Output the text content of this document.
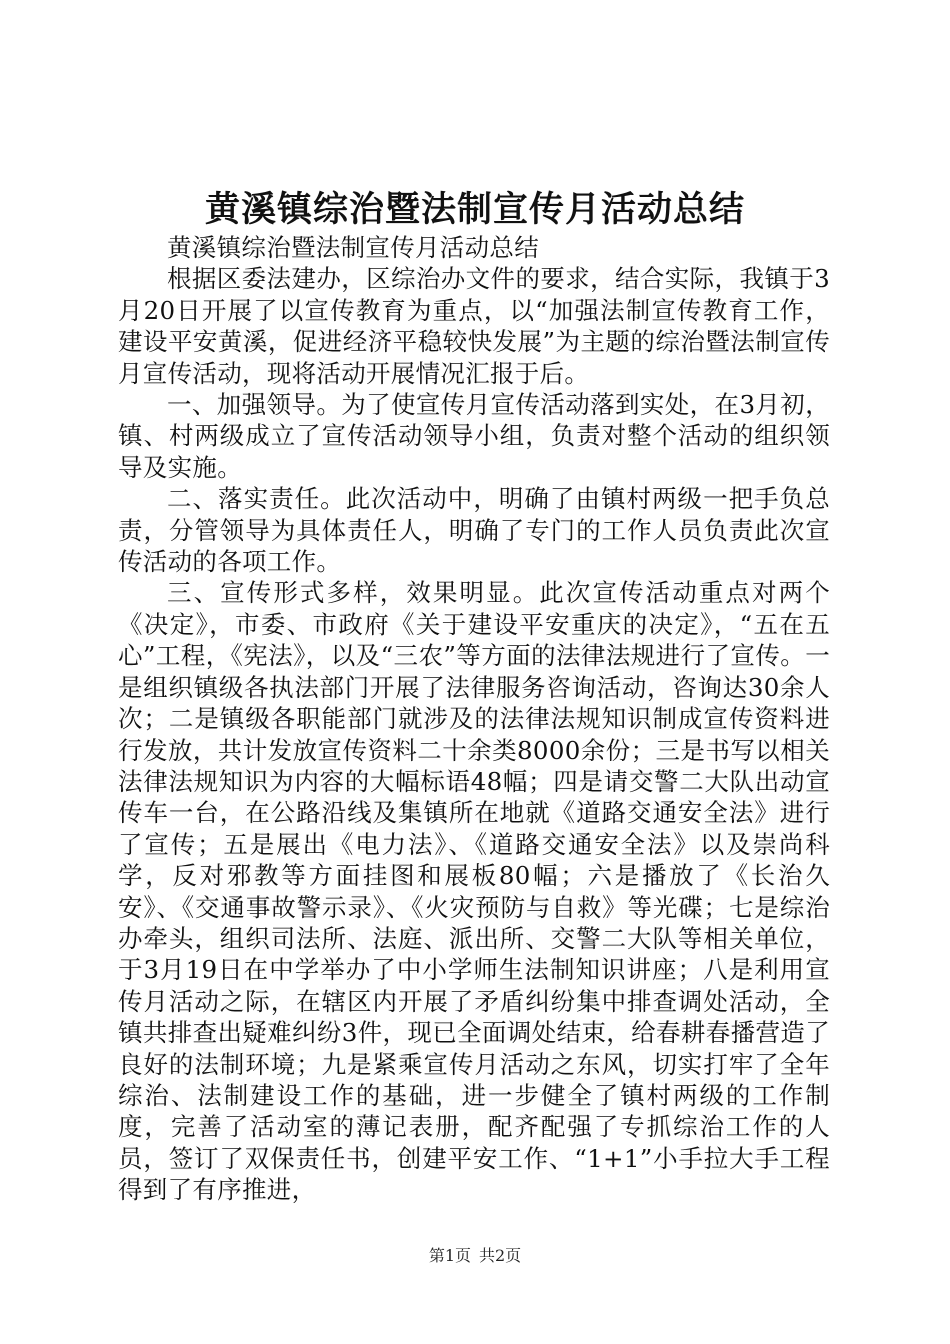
黄溪镇综治暨法制宣传月活动总结

黄溪镇综治暨法制宣传月活动总结

根据区委法建办，区综治办文件的要求，结合实际，我镇于3月20日开展了以宣传教育为重点，以“加强法制宣传教育工作，建设平安黄溪，促进经济平稳较快发展”为主题的综治暨法制宣传月宣传活动，现将活动开展情况汇报于后。

一、加强领导。为了使宣传月宣传活动落到实处，在3月初，镇、村两级成立了宣传活动领导小组，负责对整个活动的组织领导及实施。

二、落实责任。此次活动中，明确了由镇村两级一把手负总责，分管领导为具体责任人，明确了专门的工作人员负责此次宣传活动的各项工作。

三、宣传形式多样，效果明显。此次宣传活动重点对两个《决定》，市委、市政府《关于建设平安重庆的决定》，“五在五心”工程，《宪法》，以及“三农”等方面的法律法规进行了宣传。一是组织镇级各执法部门开展了法律服务咨询活动，咨询达30余人次；二是镇级各职能部门就涉及的法律法规知识制成宣传资料进行发放，共计发放宣传资料二十余类8000余份；三是书写以相关法律法规知识为内容的大幅标语48幅；四是请交警二大队出动宣传车一台，在公路沿线及集镇所在地就《道路交通安全法》进行了宣传；五是展出《电力法》、《道路交通安全法》以及崇尚科学，反对邪教等方面挂图和展板80幅；六是播放了《长治久安》、《交通事故警示录》、《火灾预防与自救》等光碟；七是综治办牵头，组织司法所、法庭、派出所、交警二大队等相关单位，于3月19日在中学举办了中小学师生法制知识讲座；八是利用宣传月活动之际，在辖区内开展了矛盾纠纷集中排查调处活动，全镇共排查出疑难纠纷3件，现已全面调处结束，给春耕春播营造了良好的法制环境；九是紧乘宣传月活动之东风，切实打牢了全年综治、法制建设工作的基础，进一步健全了镇村两级的工作制度，完善了活动室的薄记表册，配齐配强了专抓综治工作的人员，签订了双保责任书，创建平安工作、“1+1”小手拉大手工程得到了有序推进，

第1页 共2页
